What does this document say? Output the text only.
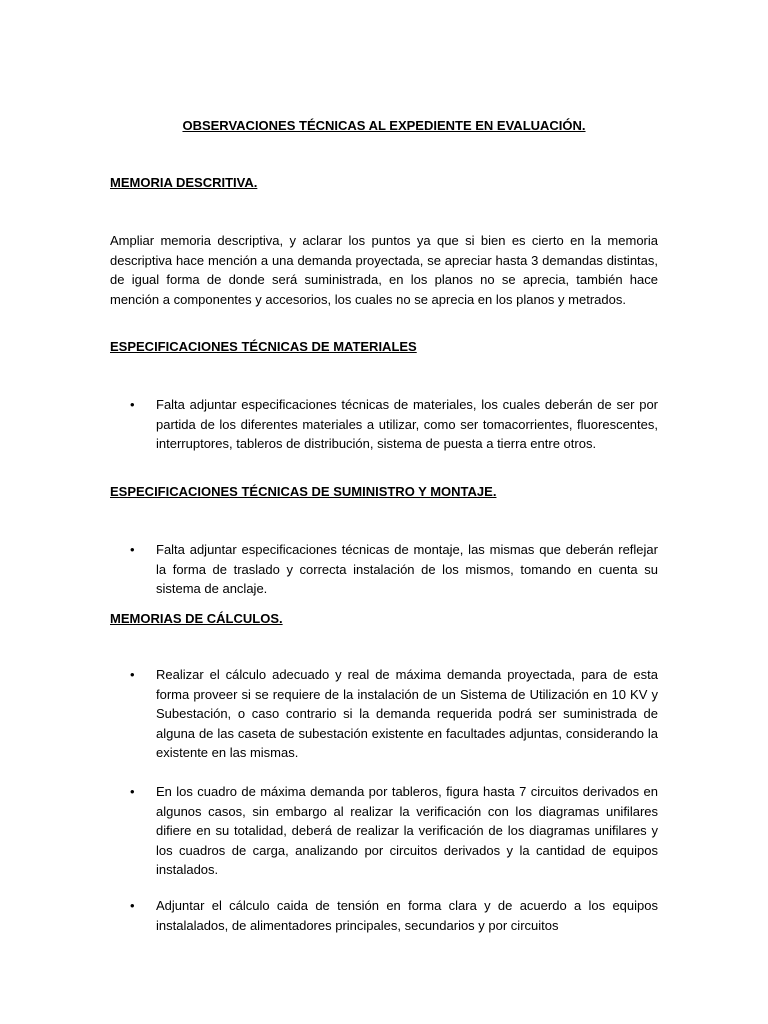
OBSERVACIONES TÉCNICAS AL EXPEDIENTE EN EVALUACIÓN.
MEMORIA DESCRITIVA.

Ampliar memoria descriptiva, y aclarar los puntos ya que si bien es cierto en la memoria descriptiva hace mención a una demanda proyectada, se apreciar hasta 3 demandas distintas, de igual forma de donde será suministrada, en los planos no se aprecia, también hace mención a componentes y accesorios, los cuales no se aprecia en los planos y metrados.

ESPECIFICACIONES TÉCNICAS DE MATERIALES
• Falta adjuntar especificaciones técnicas de materiales, los cuales deberán de ser por partida de los diferentes materiales a utilizar, como ser tomacorrientes, fluorescentes, interruptores, tableros de distribución, sistema de puesta a tierra entre otros.

ESPECIFICACIONES TÉCNICAS DE SUMINISTRO Y MONTAJE.
• Falta adjuntar especificaciones técnicas de montaje, las mismas que deberán reflejar la forma de traslado y correcta instalación de los mismos, tomando en cuenta su sistema de anclaje.

MEMORIAS DE CÁLCULOS.
• Realizar el cálculo adecuado y real de máxima demanda proyectada, para de esta forma proveer si se requiere de la instalación de un Sistema de Utilización en 10 KV y Subestación, o caso contrario si la demanda requerida podrá ser suministrada de alguna de las caseta de subestación existente en facultades adjuntas, considerando la existente en las mismas.

• En los cuadro de máxima demanda por tableros, figura hasta 7 circuitos derivados en algunos casos, sin embargo al realizar la verificación con los diagramas unifilares difiere en su totalidad, deberá de realizar la verificación de los diagramas unifilares y los cuadros de carga, analizando por circuitos derivados y la cantidad de equipos instalados.

• Adjuntar el cálculo caida de tensión en forma clara y de acuerdo a los equipos instalalados, de alimentadores principales, secundarios y por circuitos
